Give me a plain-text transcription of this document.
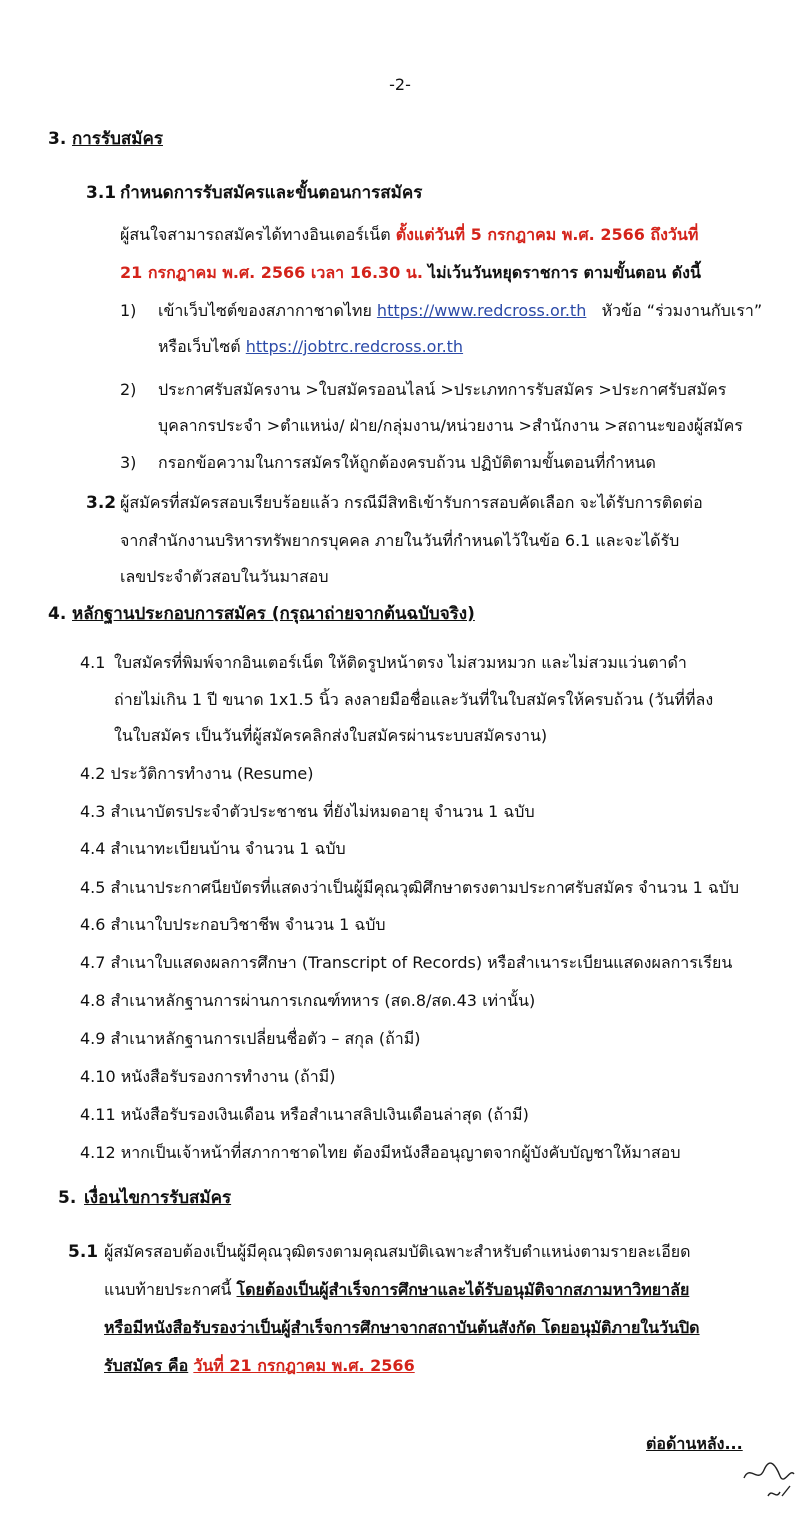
-2-
3. การรับสมัคร
3.1 กำหนดการรับสมัครและขั้นตอนการสมัคร
ผู้สนใจสามารถสมัครได้ทางอินเตอร์เน็ต ตั้งแต่วันที่ 5 กรกฎาคม พ.ศ. 2566 ถึงวันที่
21 กรกฎาคม พ.ศ. 2566 เวลา 16.30 น. ไม่เว้นวันหยุดราชการ ตามขั้นตอน ดังนี้
1) เข้าเว็บไซต์ของสภากาชาดไทย https://www.redcross.or.th หัวข้อ “ร่วมงานกับเรา”
หรือเว็บไซต์ https://jobtrc.redcross.or.th
2) ประกาศรับสมัครงาน >ใบสมัครออนไลน์ >ประเภทการรับสมัคร >ประกาศรับสมัคร
บุคลากรประจำ >ตำแหน่ง/ ฝ่าย/กลุ่มงาน/หน่วยงาน >สำนักงาน >สถานะของผู้สมัคร
3) กรอกข้อความในการสมัครให้ถูกต้องครบถ้วน ปฏิบัติตามขั้นตอนที่กำหนด
3.2 ผู้สมัครที่สมัครสอบเรียบร้อยแล้ว กรณีมีสิทธิเข้ารับการสอบคัดเลือก จะได้รับการติดต่อ
จากสำนักงานบริหารทรัพยากรบุคคล ภายในวันที่กำหนดไว้ในข้อ 6.1 และจะได้รับ
เลขประจำตัวสอบในวันมาสอบ
4. หลักฐานประกอบการสมัคร (กรุณาถ่ายจากต้นฉบับจริง)
4.1 ใบสมัครที่พิมพ์จากอินเตอร์เน็ต ให้ติดรูปหน้าตรง ไม่สวมหมวก และไม่สวมแว่นตาดำ
ถ่ายไม่เกิน 1 ปี ขนาด 1x1.5 นิ้ว ลงลายมือชื่อและวันที่ในใบสมัครให้ครบถ้วน (วันที่ที่ลง
ในใบสมัคร เป็นวันที่ผู้สมัครคลิกส่งใบสมัครผ่านระบบสมัครงาน)
4.2 ประวัติการทำงาน (Resume)
4.3 สำเนาบัตรประจำตัวประชาชน ที่ยังไม่หมดอายุ จำนวน 1 ฉบับ
4.4 สำเนาทะเบียนบ้าน จำนวน 1 ฉบับ
4.5 สำเนาประกาศนียบัตรที่แสดงว่าเป็นผู้มีคุณวุฒิศึกษาตรงตามประกาศรับสมัคร จำนวน 1 ฉบับ
4.6 สำเนาใบประกอบวิชาชีพ จำนวน 1 ฉบับ
4.7 สำเนาใบแสดงผลการศึกษา (Transcript of Records) หรือสำเนาระเบียนแสดงผลการเรียน
4.8 สำเนาหลักฐานการผ่านการเกณฑ์ทหาร (สด.8/สด.43 เท่านั้น)
4.9 สำเนาหลักฐานการเปลี่ยนชื่อตัว – สกุล (ถ้ามี)
4.10 หนังสือรับรองการทำงาน (ถ้ามี)
4.11 หนังสือรับรองเงินเดือน หรือสำเนาสลิปเงินเดือนล่าสุด (ถ้ามี)
4.12 หากเป็นเจ้าหน้าที่สภากาชาดไทย ต้องมีหนังสืออนุญาตจากผู้บังคับบัญชาให้มาสอบ
5. เงื่อนไขการรับสมัคร
5.1 ผู้สมัครสอบต้องเป็นผู้มีคุณวุฒิตรงตามคุณสมบัติเฉพาะสำหรับตำแหน่งตามรายละเอียด
แนบท้ายประกาศนี้ โดยต้องเป็นผู้สำเร็จการศึกษาและได้รับอนุมัติจากสภามหาวิทยาลัย
หรือมีหนังสือรับรองว่าเป็นผู้สำเร็จการศึกษาจากสถาบันต้นสังกัด โดยอนุมัติภายในวันปิด
รับสมัคร คือ วันที่ 21 กรกฎาคม พ.ศ. 2566
ต่อด้านหลัง...
